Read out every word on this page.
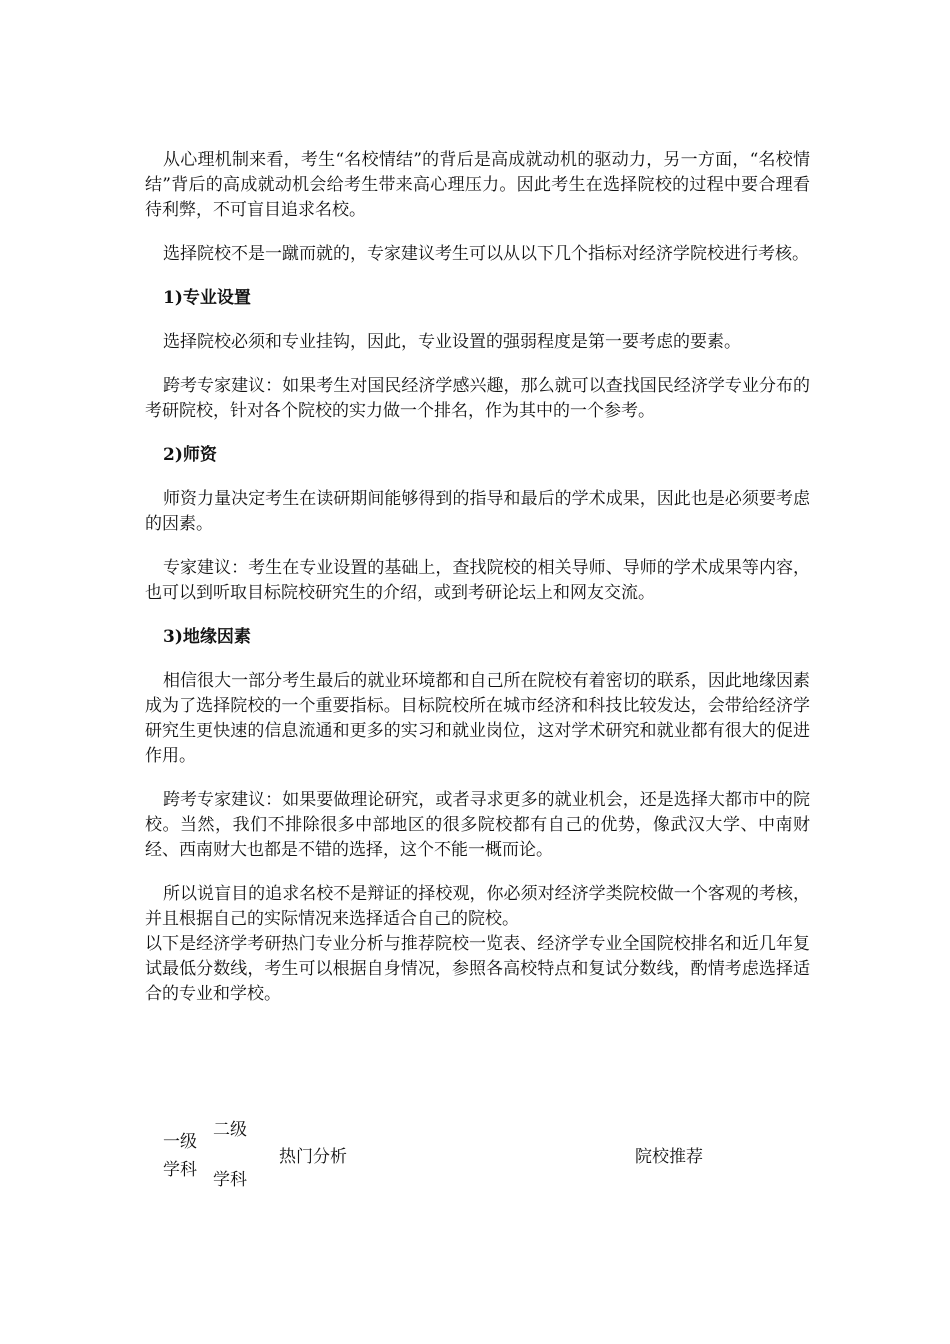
从心理机制来看，考生“名校情结”的背后是高成就动机的驱动力，另一方面，“名校情结”背后的高成就动机会给考生带来高心理压力。因此考生在选择院校的过程中要合理看待利弊，不可盲目追求名校。

选择院校不是一蹴而就的，专家建议考生可以从以下几个指标对经济学院校进行考核。

1)专业设置

选择院校必须和专业挂钩，因此，专业设置的强弱程度是第一要考虑的要素。

跨考专家建议：如果考生对国民经济学感兴趣，那么就可以查找国民经济学专业分布的考研院校，针对各个院校的实力做一个排名，作为其中的一个参考。

2)师资

师资力量决定考生在读研期间能够得到的指导和最后的学术成果，因此也是必须要考虑的因素。

专家建议：考生在专业设置的基础上，查找院校的相关导师、导师的学术成果等内容，也可以到听取目标院校研究生的介绍，或到考研论坛上和网友交流。

3)地缘因素

相信很大一部分考生最后的就业环境都和自己所在院校有着密切的联系，因此地缘因素成为了选择院校的一个重要指标。目标院校所在城市经济和科技比较发达，会带给经济学研究生更快速的信息流通和更多的实习和就业岗位，这对学术研究和就业都有很大的促进作用。

跨考专家建议：如果要做理论研究，或者寻求更多的就业机会，还是选择大都市中的院校。当然，我们不排除很多中部地区的很多院校都有自己的优势，像武汉大学、中南财经、西南财大也都是不错的选择，这个不能一概而论。

所以说盲目的追求名校不是辩证的择校观，你必须对经济学类院校做一个客观的考核，并且根据自己的实际情况来选择适合自己的院校。

以下是经济学考研热门专业分析与推荐院校一览表、经济学专业全国院校排名和近几年复试最低分数线，考生可以根据自身情况，参照各高校特点和复试分数线，酌情考虑选择适合的专业和学校。

一级
学科
二级
学科
热门分析	院校推荐
